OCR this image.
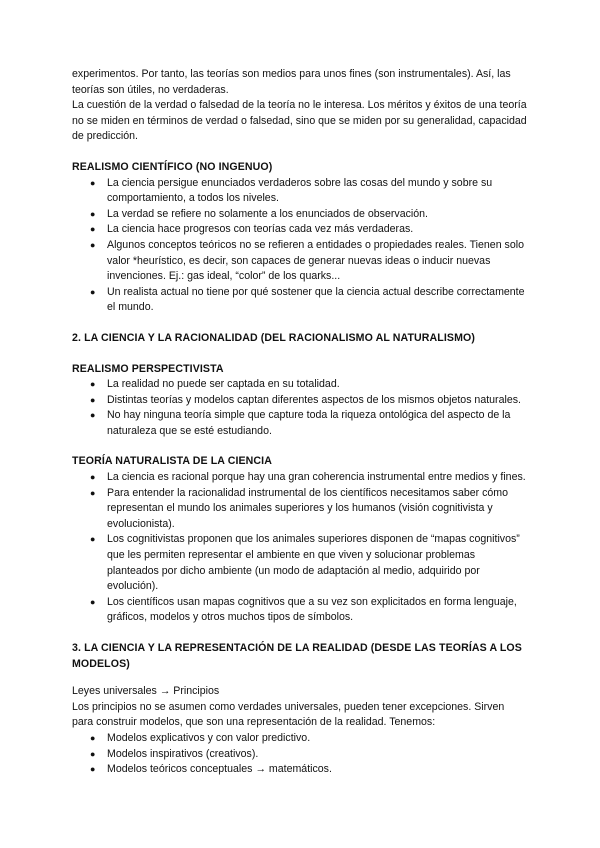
experimentos. Por tanto, las teorías son medios para unos fines (son instrumentales). Así, las teorías son útiles, no verdaderas.

La cuestión de la verdad o falsedad de la teoría no le interesa. Los méritos y éxitos de una teoría no se miden en términos de verdad o falsedad, sino que se miden por su generalidad, capacidad de predicción.

REALISMO CIENTÍFICO (NO INGENUO)

● La ciencia persigue enunciados verdaderos sobre las cosas del mundo y sobre su comportamiento, a todos los niveles.
● La verdad se refiere no solamente a los enunciados de observación.
● La ciencia hace progresos con teorías cada vez más verdaderas.
● Algunos conceptos teóricos no se refieren a entidades o propiedades reales. Tienen solo valor *heurístico, es decir, son capaces de generar nuevas ideas o inducir nuevas invenciones. Ej.: gas ideal, “color” de los quarks...
● Un realista actual no tiene por qué sostener que la ciencia actual describe correctamente el mundo.

2. LA CIENCIA Y LA RACIONALIDAD (DEL RACIONALISMO AL NATURALISMO)

REALISMO PERSPECTIVISTA

● La realidad no puede ser captada en su totalidad.
● Distintas teorías y modelos captan diferentes aspectos de los mismos objetos naturales.
● No hay ninguna teoría simple que capture toda la riqueza ontológica del aspecto de la naturaleza que se esté estudiando.

TEORÍA NATURALISTA DE LA CIENCIA

● La ciencia es racional porque hay una gran coherencia instrumental entre medios y fines.
● Para entender la racionalidad instrumental de los científicos necesitamos saber cómo representan el mundo los animales superiores y los humanos (visión cognitivista y evolucionista).
● Los cognitivistas proponen que los animales superiores disponen de “mapas cognitivos” que les permiten representar el ambiente en que viven y solucionar problemas planteados por dicho ambiente (un modo de adaptación al medio, adquirido por evolución).
● Los científicos usan mapas cognitivos que a su vez son explicitados en forma lenguaje, gráficos, modelos y otros muchos tipos de símbolos.

3. LA CIENCIA Y LA REPRESENTACIÓN DE LA REALIDAD (DESDE LAS TEORÍAS A LOS MODELOS)

Leyes universales → Principios

Los principios no se asumen como verdades universales, pueden tener excepciones. Sirven para construir modelos, que son una representación de la realidad. Tenemos:

● Modelos explicativos y con valor predictivo.
● Modelos inspirativos (creativos).
● Modelos teóricos conceptuales → matemáticos.
